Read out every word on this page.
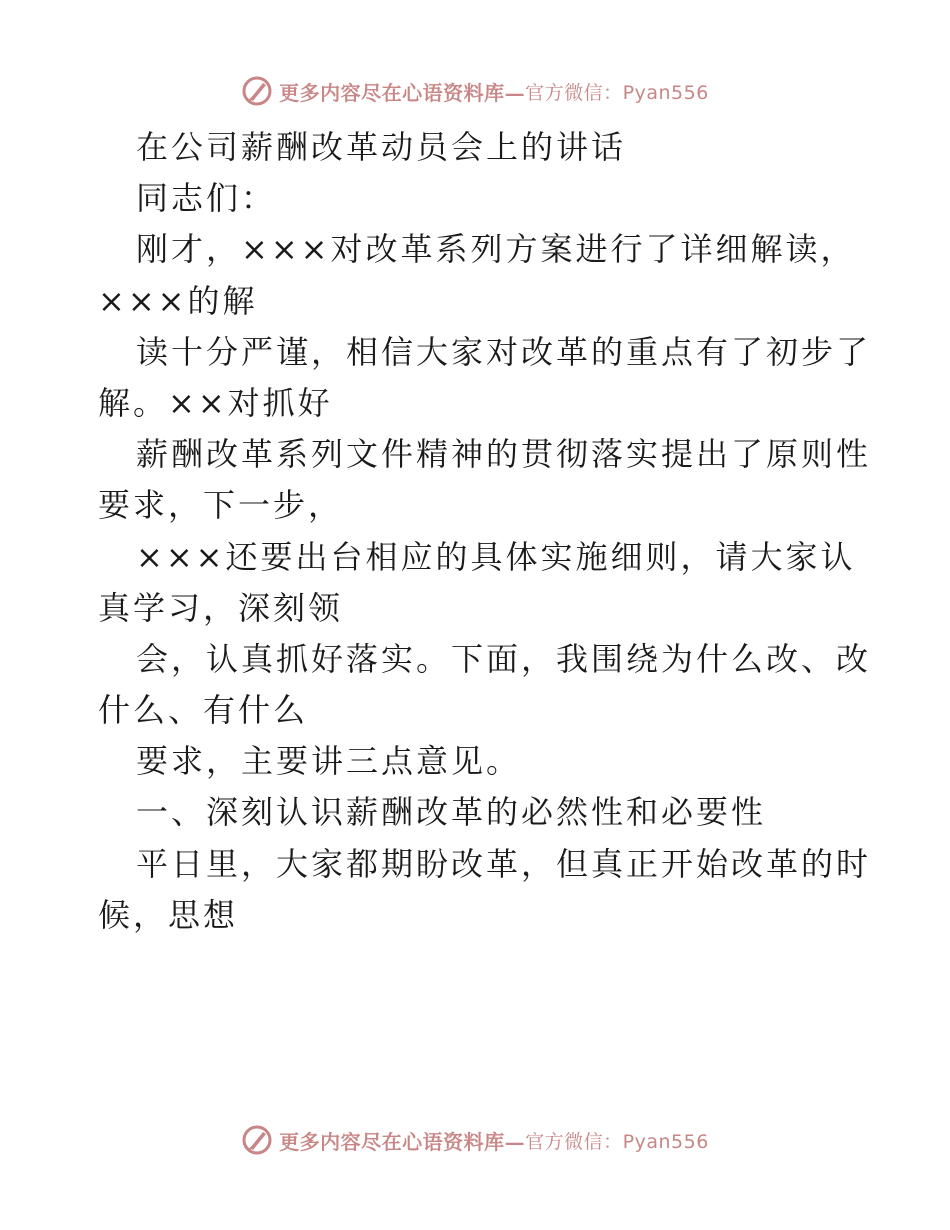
更多内容尽在心语资料库— 官方微信：Pyan556
在公司薪酬改革动员会上的讲话
同志们：
刚才，×××对改革系列方案进行了详细解读，
×××的解
读十分严谨，相信大家对改革的重点有了初步了
解。××对抓好
薪酬改革系列文件精神的贯彻落实提出了原则性
要求，下一步，
×××还要出台相应的具体实施细则，请大家认
真学习，深刻领
会，认真抓好落实。下面，我围绕为什么改、改
什么、有什么
要求，主要讲三点意见。
一、深刻认识薪酬改革的必然性和必要性
平日里，大家都期盼改革，但真正开始改革的时
候，思想
更多内容尽在心语资料库— 官方微信：Pyan556
